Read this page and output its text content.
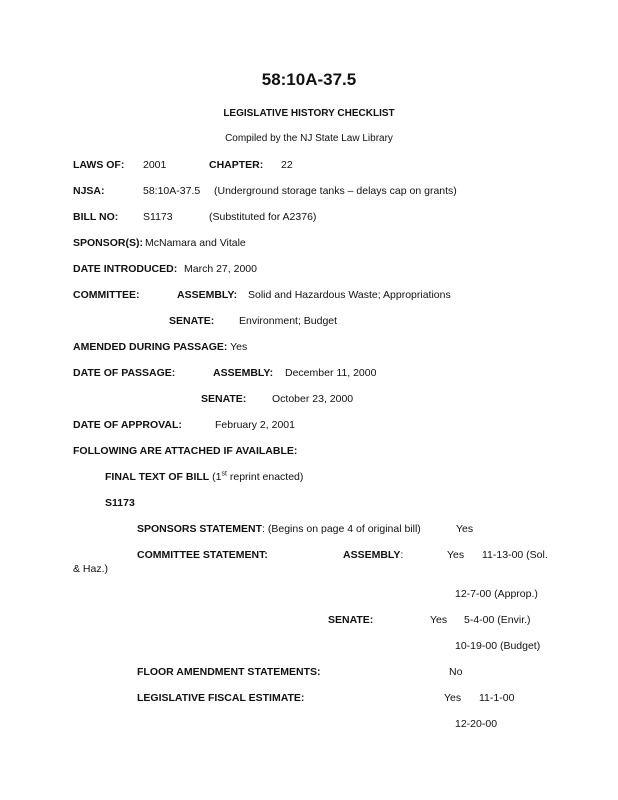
58:10A-37.5
LEGISLATIVE HISTORY CHECKLIST
Compiled by the NJ State Law Library
LAWS OF: 2001	CHAPTER: 22
NJSA:	58:10A-37.5 (Underground storage tanks – delays cap on grants)
BILL NO: S1173	(Substituted for A2376)
SPONSOR(S): McNamara and Vitale
DATE INTRODUCED: March 27, 2000
COMMITTEE:	ASSEMBLY: Solid and Hazardous Waste; Appropriations
SENATE: Environment; Budget
AMENDED DURING PASSAGE: Yes
DATE OF PASSAGE:	ASSEMBLY: December 11, 2000
SENATE: October 23, 2000
DATE OF APPROVAL:	February 2, 2001
FOLLOWING ARE ATTACHED IF AVAILABLE:
FINAL TEXT OF BILL (1st reprint enacted)
S1173
SPONSORS STATEMENT: (Begins on page 4 of original bill)	Yes
COMMITTEE STATEMENT:	ASSEMBLY:	Yes 11-13-00 (Sol.
& Haz.)
12-7-00 (Approp.)
SENATE:	Yes 5-4-00 (Envir.)
10-19-00 (Budget)
FLOOR AMENDMENT STATEMENTS:	No
LEGISLATIVE FISCAL ESTIMATE:	Yes 11-1-00
12-20-00
